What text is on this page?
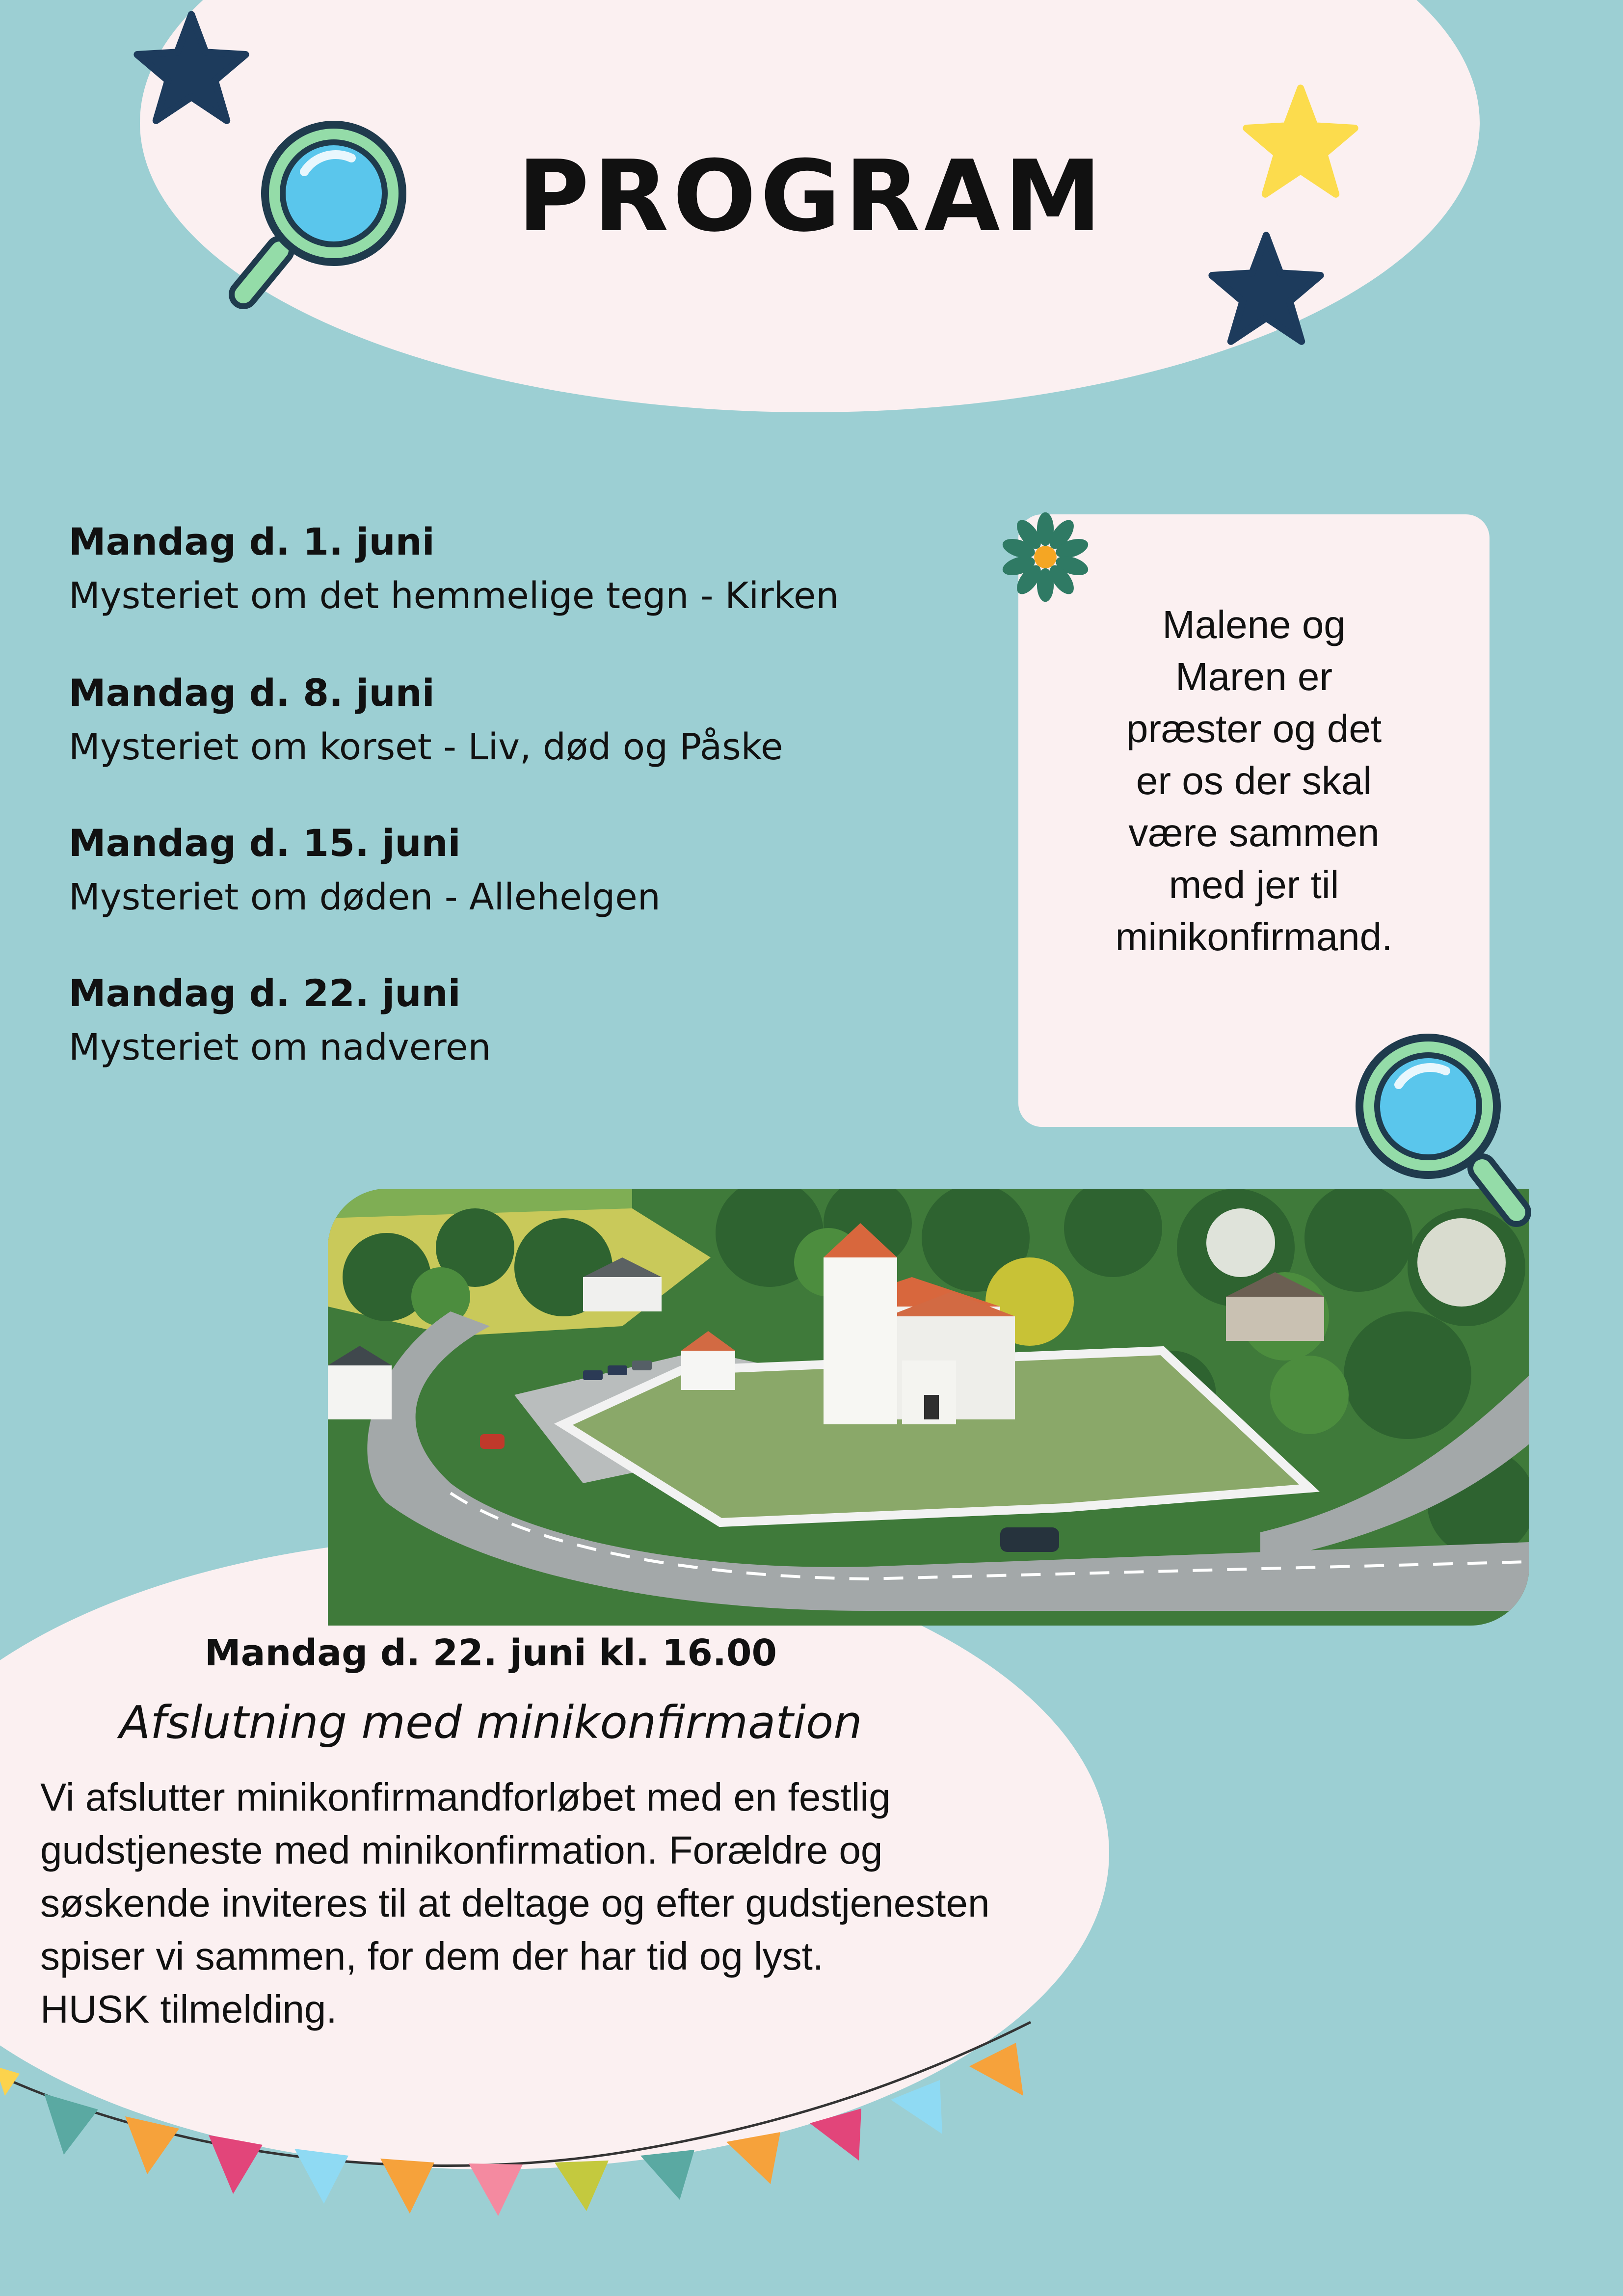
PROGRAM

Mandag d. 1. juni

Mysteriet om det hemmelige tegn - Kirken

Mandag d. 8. juni

Mysteriet om korset - Liv, død og Påske

Mandag d. 15. juni

Mysteriet om døden - Allehelgen

Mandag d. 22. juni

Mysteriet om nadveren

Malene og
Maren er
præster og det
er os der skal
være sammen
med jer til
minikonfirmand.
Mandag d. 22. juni kl. 16.00
Afslutning med minikonfirmation

Vi afslutter minikonfirmandforløbet med en festlig

gudstjeneste med minikonfirmation. Forældre og

søskende inviteres til at deltage og efter gudstjenesten

spiser vi sammen, for dem der har tid og lyst.

HUSK tilmelding.
